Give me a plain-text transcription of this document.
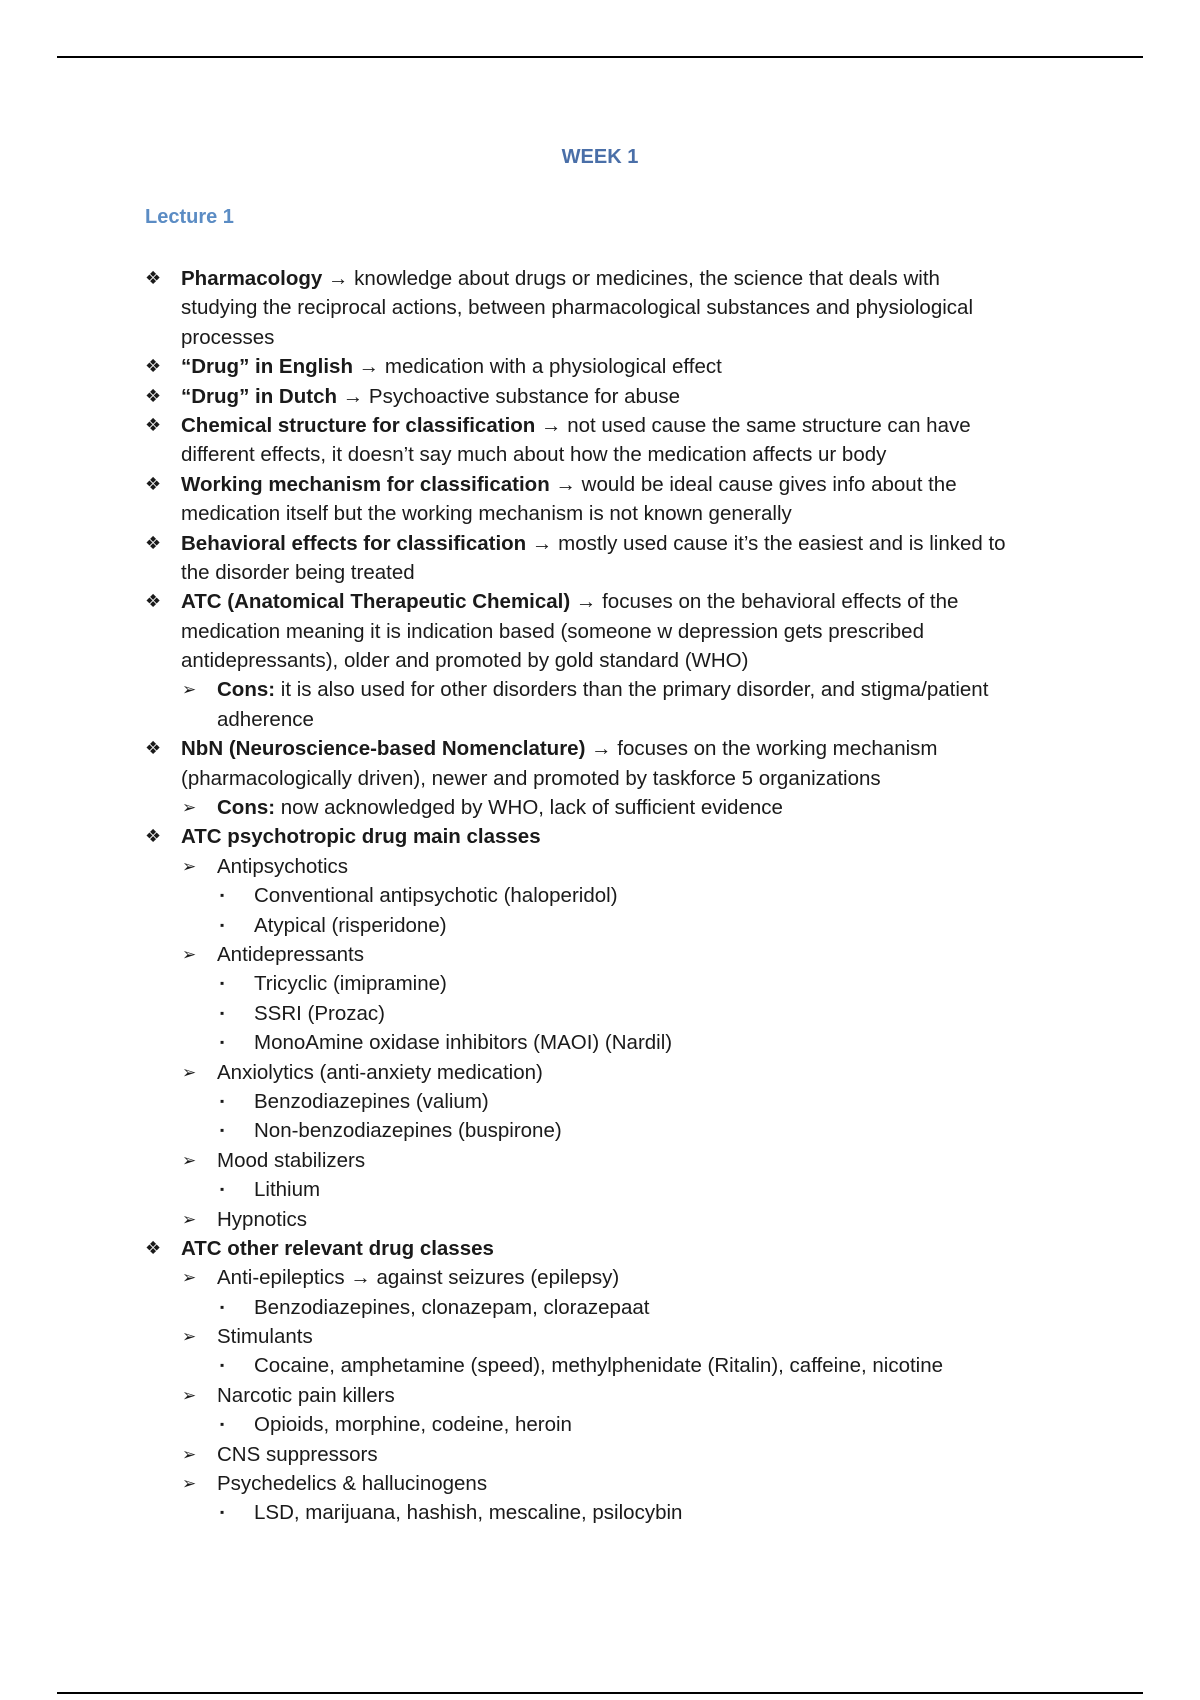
WEEK 1
Lecture 1
❖ Pharmacology → knowledge about drugs or medicines, the science that deals with
studying the reciprocal actions, between pharmacological substances and physiological
processes
❖ “Drug” in English → medication with a physiological effect
❖ “Drug” in Dutch → Psychoactive substance for abuse
❖ Chemical structure for classification → not used cause the same structure can have
different effects, it doesn’t say much about how the medication affects ur body
❖ Working mechanism for classification → would be ideal cause gives info about the
medication itself but the working mechanism is not known generally
❖ Behavioral effects for classification → mostly used cause it’s the easiest and is linked to
the disorder being treated
❖ ATC (Anatomical Therapeutic Chemical) → focuses on the behavioral effects of the
medication meaning it is indication based (someone w depression gets prescribed
antidepressants), older and promoted by gold standard (WHO)
➢ Cons: it is also used for other disorders than the primary disorder, and stigma/patient
adherence
❖ NbN (Neuroscience-based Nomenclature) → focuses on the working mechanism
(pharmacologically driven), newer and promoted by taskforce 5 organizations
➢ Cons: now acknowledged by WHO, lack of sufficient evidence
❖ ATC psychotropic drug main classes
➢ Antipsychotics
▪ Conventional antipsychotic (haloperidol)
▪ Atypical (risperidone)
➢ Antidepressants
▪ Tricyclic (imipramine)
▪ SSRI (Prozac)
▪ MonoAmine oxidase inhibitors (MAOI) (Nardil)
➢ Anxiolytics (anti-anxiety medication)
▪ Benzodiazepines (valium)
▪ Non-benzodiazepines (buspirone)
➢ Mood stabilizers
▪ Lithium
➢ Hypnotics
❖ ATC other relevant drug classes
➢ Anti-epileptics → against seizures (epilepsy)
▪ Benzodiazepines, clonazepam, clorazepaat
➢ Stimulants
▪ Cocaine, amphetamine (speed), methylphenidate (Ritalin), caffeine, nicotine
➢ Narcotic pain killers
▪ Opioids, morphine, codeine, heroin
➢ CNS suppressors
➢ Psychedelics & hallucinogens
▪ LSD, marijuana, hashish, mescaline, psilocybin
